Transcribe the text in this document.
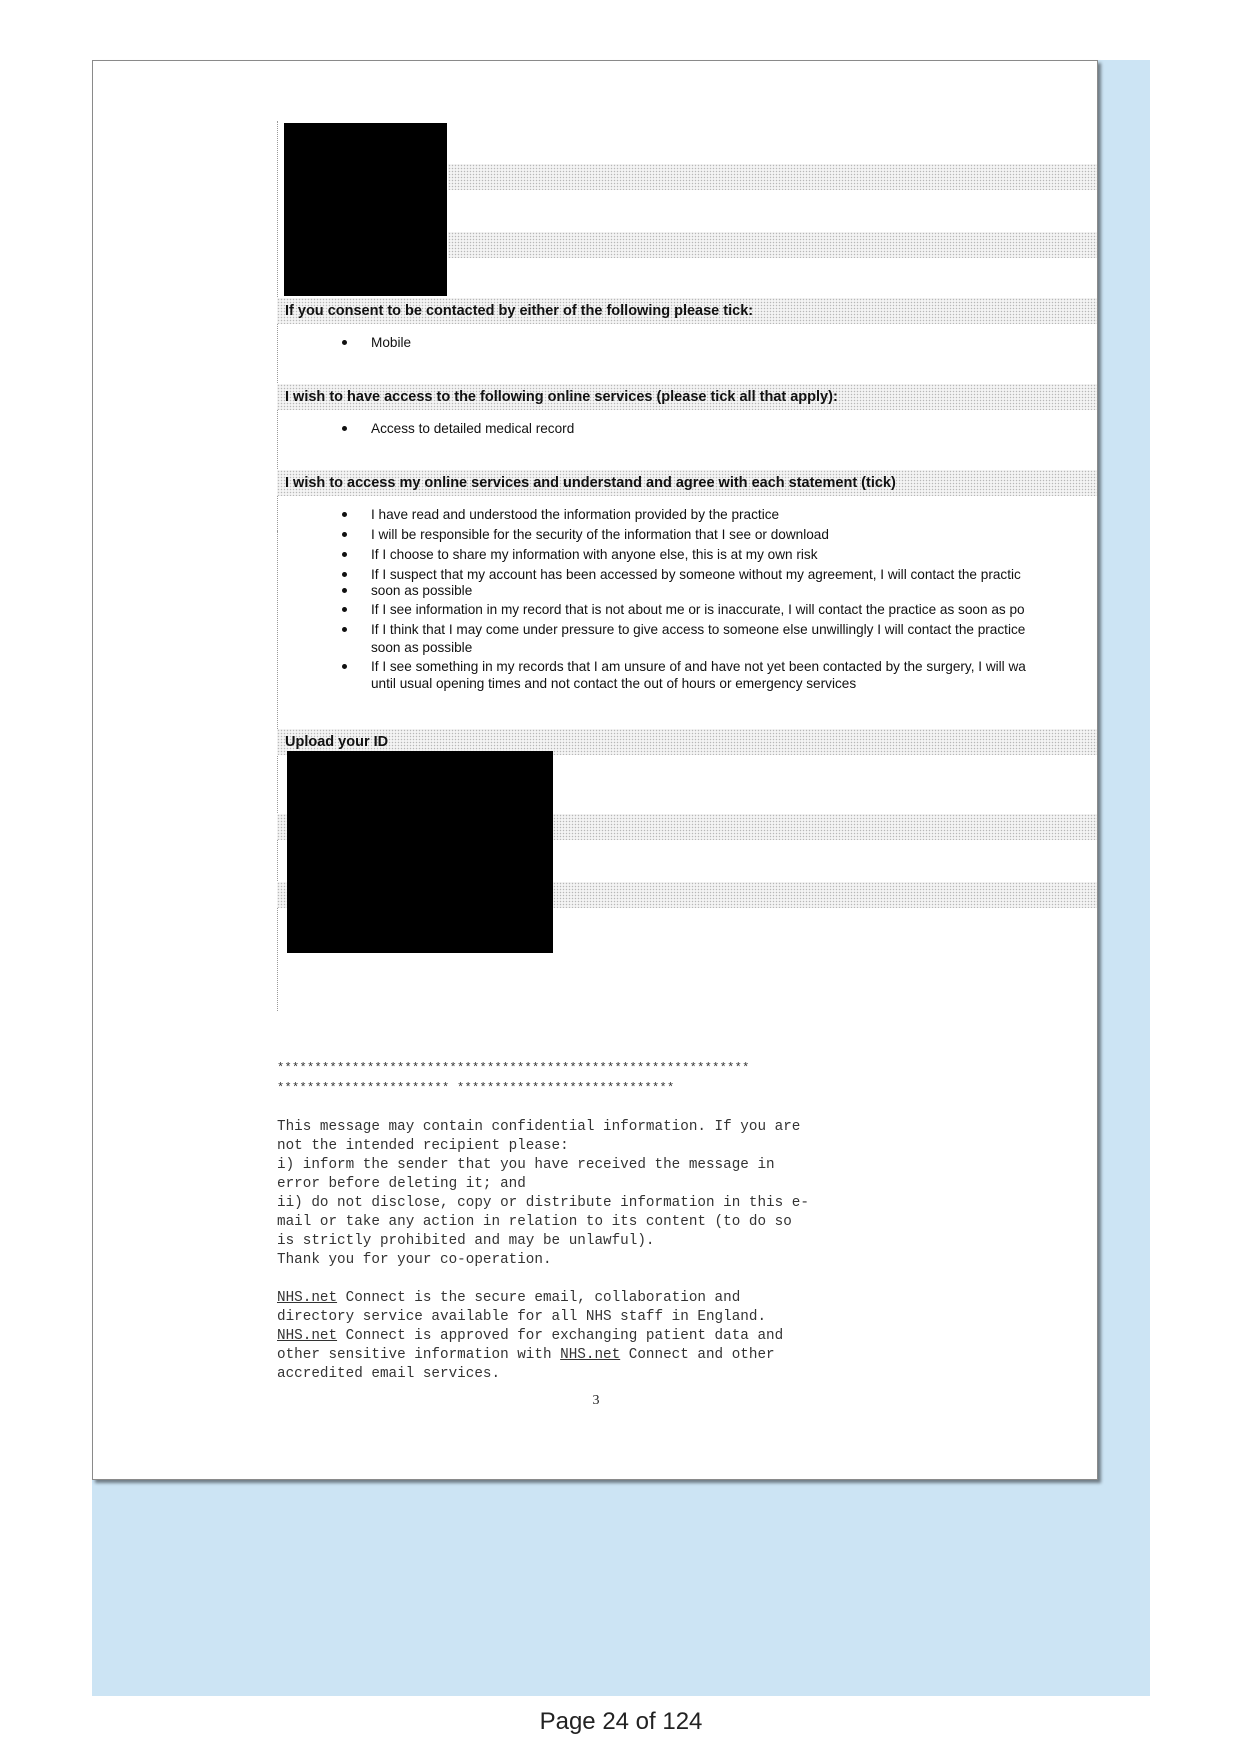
If you consent to be contacted by either of the following please tick:
Mobile
I wish to have access to the following online services (please tick all that apply):
Access to detailed medical record
I wish to access my online services and understand and agree with each statement (tick)
I have read and understood the information provided by the practice
I will be responsible for the security of the information that I see or download
If I choose to share my information with anyone else, this is at my own risk
If I suspect that my account has been accessed by someone without my agreement, I will contact the practic
soon as possible
If I see information in my record that is not about me or is inaccurate, I will contact the practice as soon as po
If I think that I may come under pressure to give access to someone else unwillingly I will contact the practice
soon as possible
If I see something in my records that I am unsure of and have not yet been contacted by the surgery, I will wa
until usual opening times and not contact the out of hours or emergency services
Upload your ID
***************************************************************
*********************** *****************************
This message may contain confidential information. If you are
not the intended recipient please:
i) inform the sender that you have received the message in
error before deleting it; and
ii) do not disclose, copy or distribute information in this e-
mail or take any action in relation to its content (to do so
is strictly prohibited and may be unlawful).
Thank you for your co-operation.
NHS.net Connect is the secure email, collaboration and
directory service available for all NHS staff in England.
NHS.net Connect is approved for exchanging patient data and
other sensitive information with NHS.net Connect and other
accredited email services.
3
Page 24 of 124
